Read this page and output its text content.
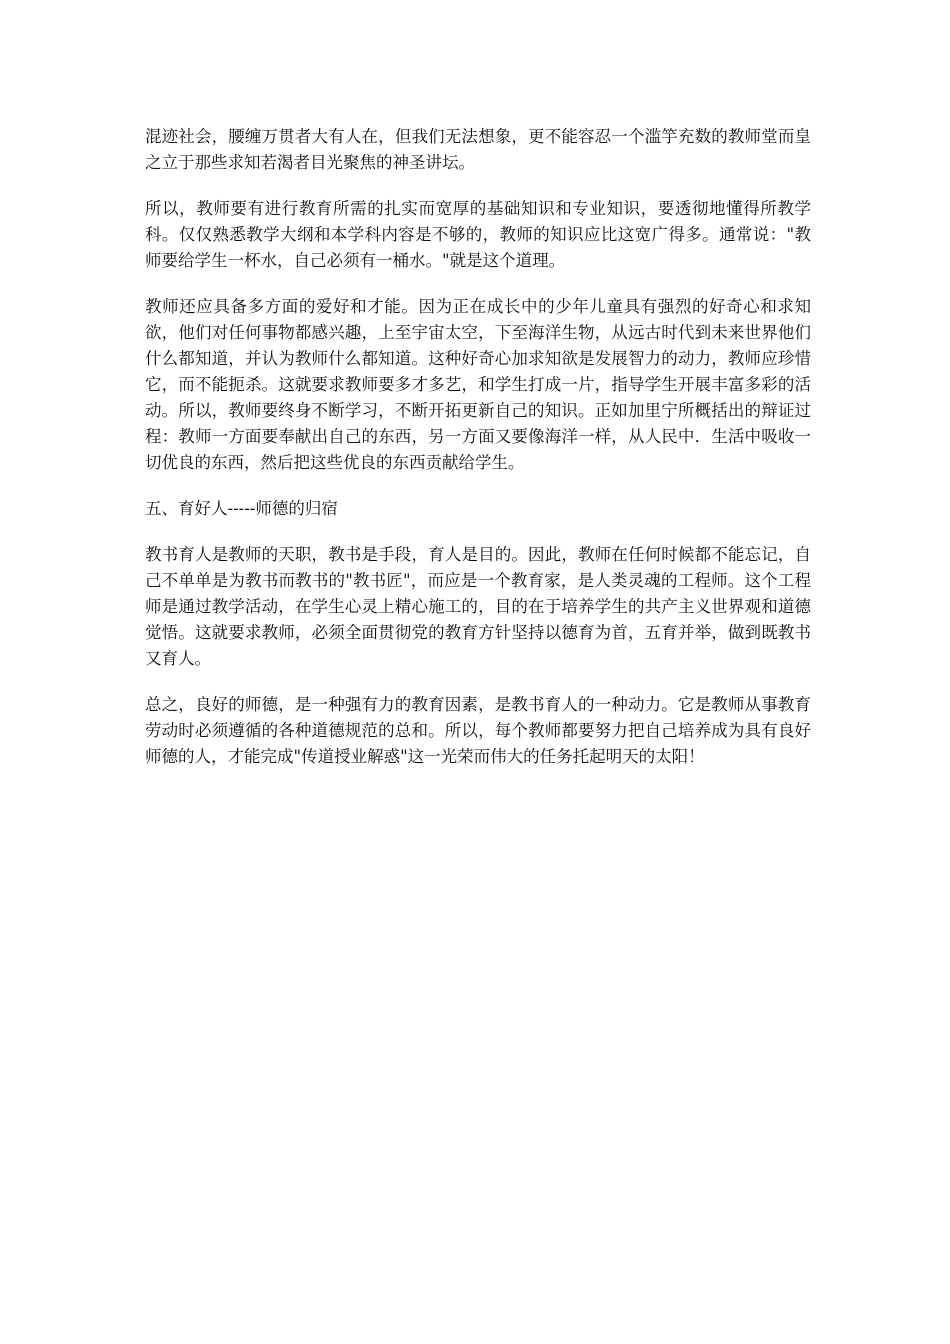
混迹社会，腰缠万贯者大有人在，但我们无法想象，更不能容忍一个滥竽充数的教师堂而皇之立于那些求知若渴者目光聚焦的神圣讲坛。

所以，教师要有进行教育所需的扎实而宽厚的基础知识和专业知识，要透彻地懂得所教学科。仅仅熟悉教学大纲和本学科内容是不够的，教师的知识应比这宽广得多。通常说："教师要给学生一杯水，自己必须有一桶水。"就是这个道理。

教师还应具备多方面的爱好和才能。因为正在成长中的少年儿童具有强烈的好奇心和求知欲，他们对任何事物都感兴趣，上至宇宙太空，下至海洋生物，从远古时代到未来世界他们什么都知道，并认为教师什么都知道。这种好奇心加求知欲是发展智力的动力，教师应珍惜它，而不能扼杀。这就要求教师要多才多艺，和学生打成一片，指导学生开展丰富多彩的活动。所以，教师要终身不断学习，不断开拓更新自己的知识。正如加里宁所概括出的辩证过程：教师一方面要奉献出自己的东西，另一方面又要像海洋一样，从人民中．生活中吸收一切优良的东西，然后把这些优良的东西贡献给学生。

五、育好人-----师德的归宿

教书育人是教师的天职，教书是手段，育人是目的。因此，教师在任何时候都不能忘记，自己不单单是为教书而教书的"教书匠"，而应是一个教育家，是人类灵魂的工程师。这个工程师是通过教学活动，在学生心灵上精心施工的，目的在于培养学生的共产主义世界观和道德觉悟。这就要求教师，必须全面贯彻党的教育方针坚持以德育为首，五育并举，做到既教书又育人。

总之，良好的师德，是一种强有力的教育因素，是教书育人的一种动力。它是教师从事教育劳动时必须遵循的各种道德规范的总和。所以，每个教师都要努力把自己培养成为具有良好师德的人，才能完成"传道授业解惑"这一光荣而伟大的任务托起明天的太阳！
